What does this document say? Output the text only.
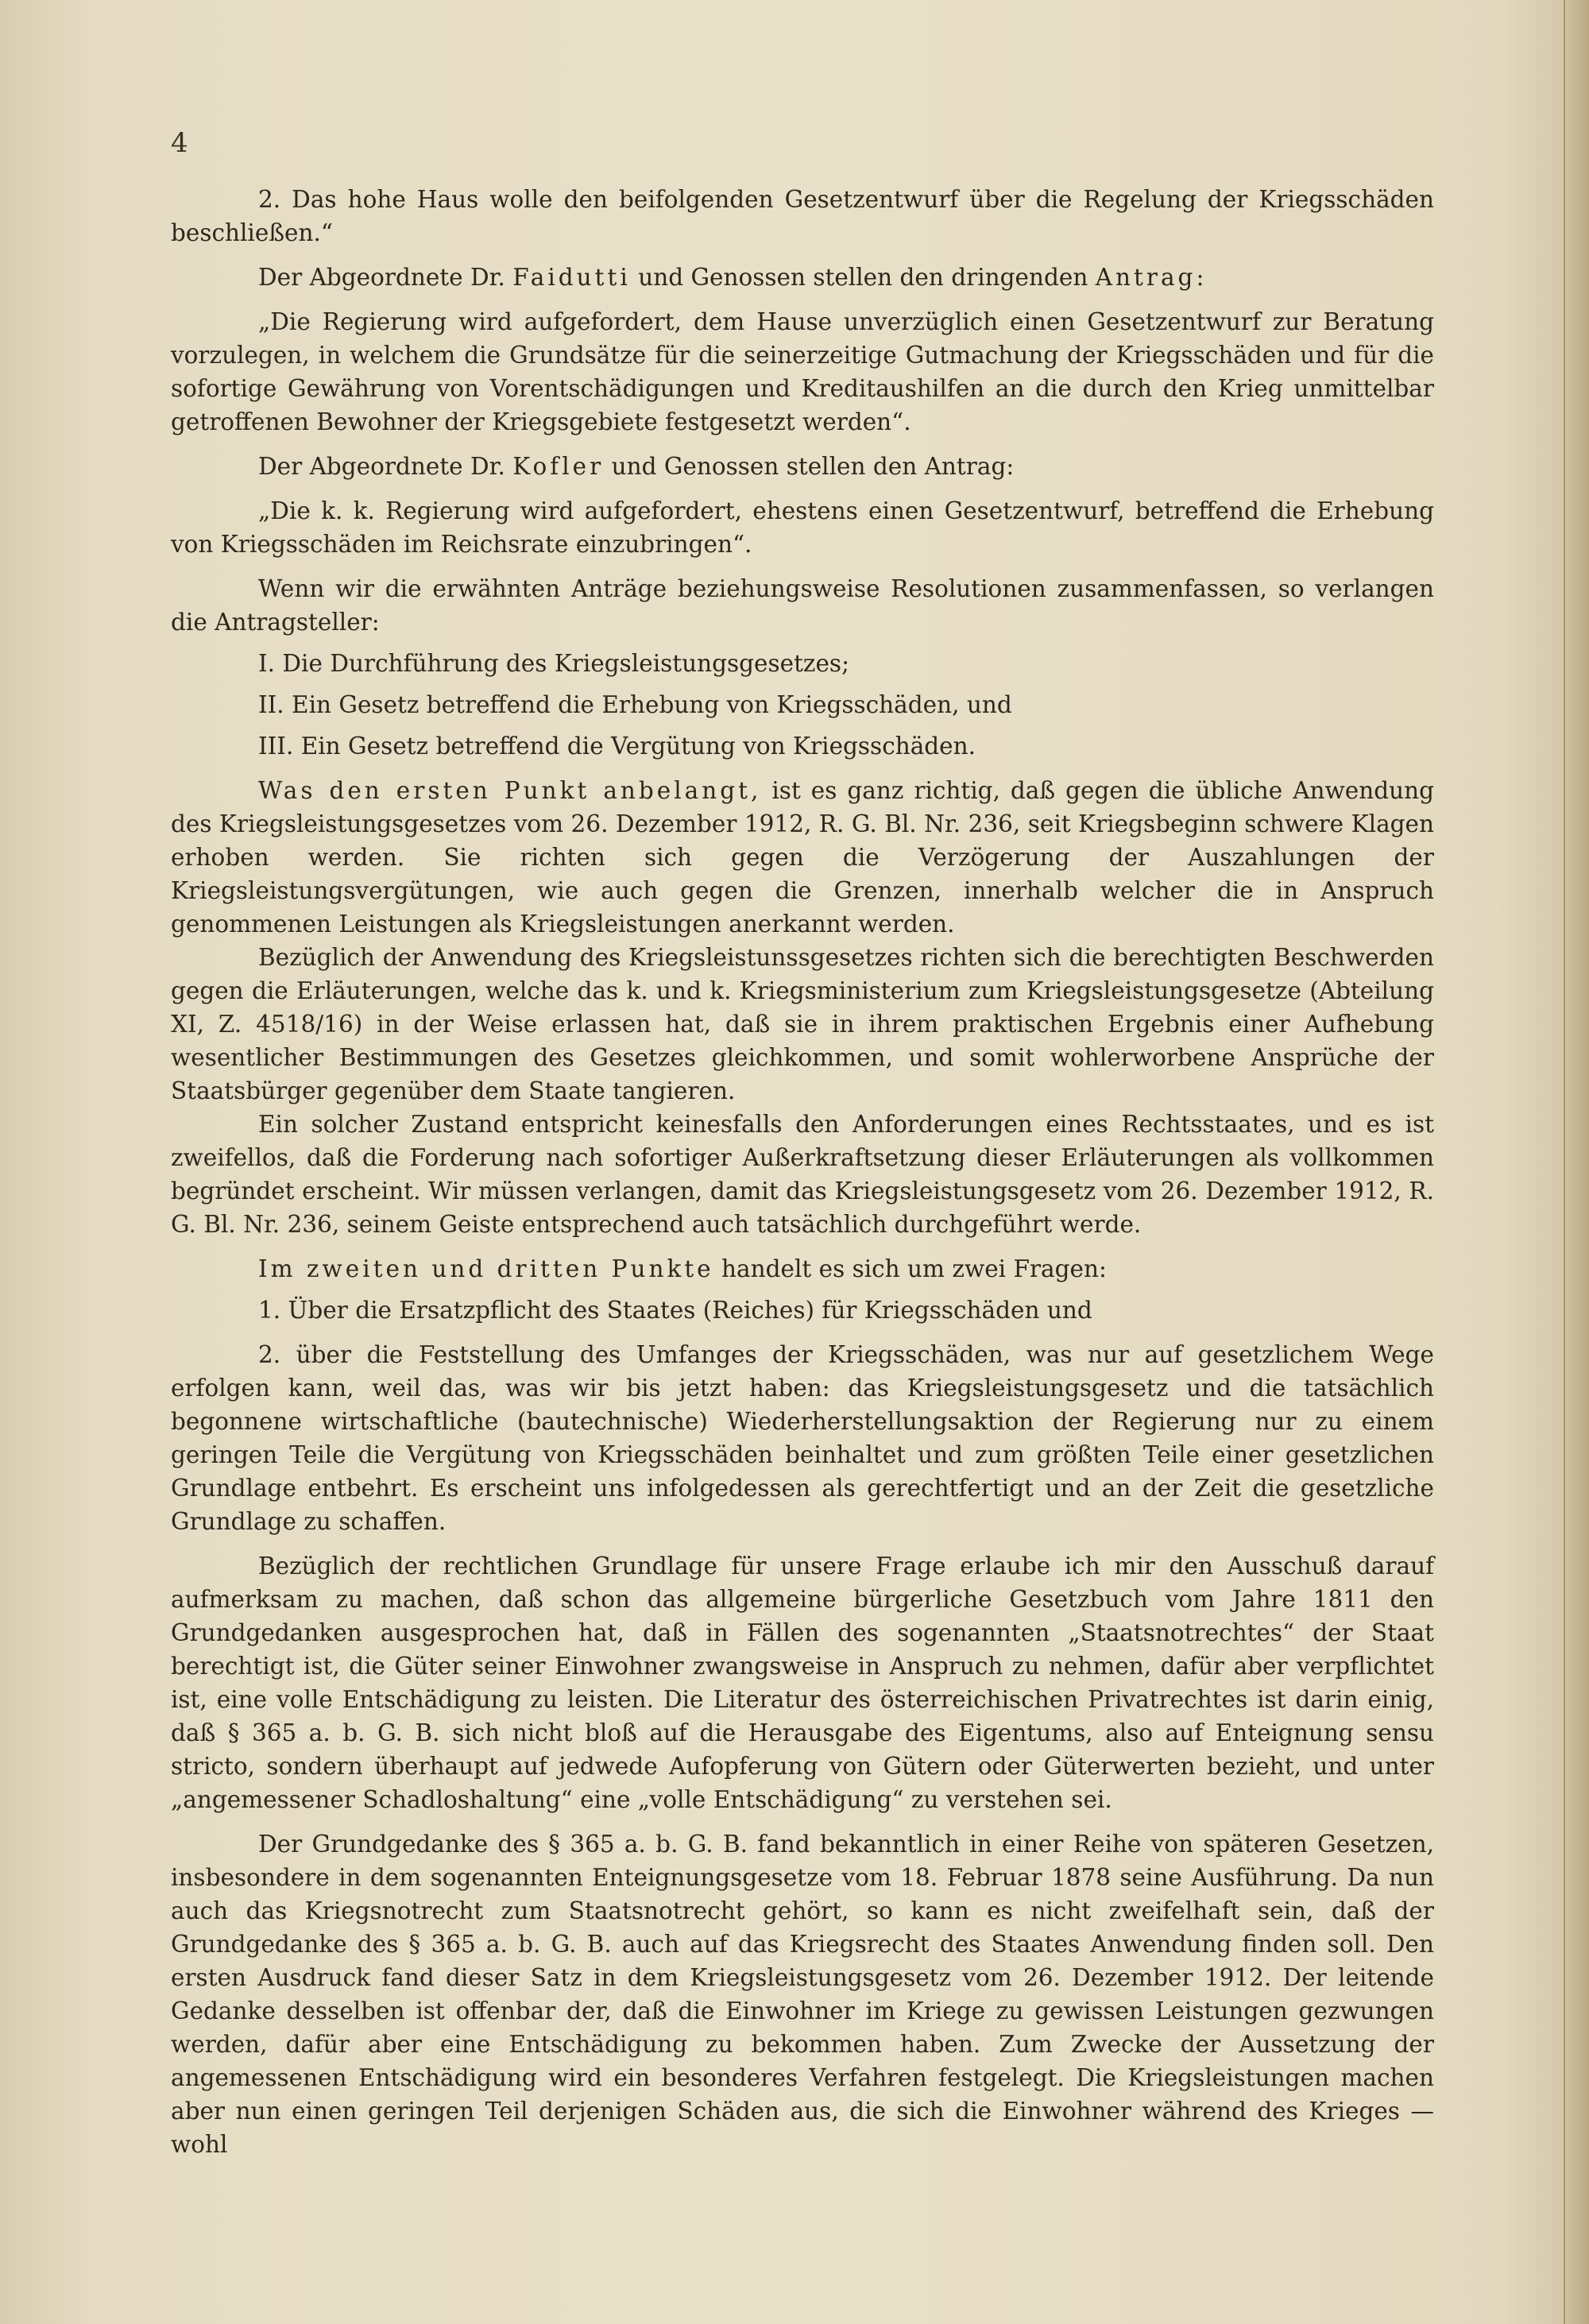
4

2. Das hohe Haus wolle den beifolgenden Gesetzentwurf über die Regelung der Kriegsschäden beschließen.“

Der Abgeordnete Dr. Faidutti und Genossen stellen den dringenden Antrag:

„Die Regierung wird aufgefordert, dem Hause unverzüglich einen Gesetzentwurf zur Beratung vorzulegen, in welchem die Grundsätze für die seinerzeitige Gutmachung der Kriegsschäden und für die sofortige Gewährung von Vorentschädigungen und Kreditaushilfen an die durch den Krieg unmittelbar getroffenen Bewohner der Kriegsgebiete festgesetzt werden“.

Der Abgeordnete Dr. Kofler und Genossen stellen den Antrag:

„Die k. k. Regierung wird aufgefordert, ehestens einen Gesetzentwurf, betreffend die Erhebung von Kriegsschäden im Reichsrate einzubringen“.

Wenn wir die erwähnten Anträge beziehungsweise Resolutionen zusammenfassen, so verlangen die Antragsteller:

I. Die Durchführung des Kriegsleistungsgesetzes;

II. Ein Gesetz betreffend die Erhebung von Kriegsschäden, und

III. Ein Gesetz betreffend die Vergütung von Kriegsschäden.

Was den ersten Punkt anbelangt, ist es ganz richtig, daß gegen die übliche Anwendung des Kriegsleistungsgesetzes vom 26. Dezember 1912, R. G. Bl. Nr. 236, seit Kriegsbeginn schwere Klagen erhoben werden. Sie richten sich gegen die Verzögerung der Auszahlungen der Kriegsleistungsvergütungen, wie auch gegen die Grenzen, innerhalb welcher die in Anspruch genommenen Leistungen als Kriegsleistungen anerkannt werden.

Bezüglich der Anwendung des Kriegsleistunssgesetzes richten sich die berechtigten Beschwerden gegen die Erläuterungen, welche das k. und k. Kriegsministerium zum Kriegsleistungsgesetze (Abteilung XI, Z. 4518/16) in der Weise erlassen hat, daß sie in ihrem praktischen Ergebnis einer Aufhebung wesentlicher Bestimmungen des Gesetzes gleichkommen, und somit wohlerworbene Ansprüche der Staatsbürger gegenüber dem Staate tangieren.

Ein solcher Zustand entspricht keinesfalls den Anforderungen eines Rechtsstaates, und es ist zweifellos, daß die Forderung nach sofortiger Außerkraftsetzung dieser Erläuterungen als vollkommen begründet erscheint. Wir müssen verlangen, damit das Kriegsleistungsgesetz vom 26. Dezember 1912, R. G. Bl. Nr. 236, seinem Geiste entsprechend auch tatsächlich durchgeführt werde.

Im zweiten und dritten Punkte handelt es sich um zwei Fragen:

1. Über die Ersatzpflicht des Staates (Reiches) für Kriegsschäden und

2. über die Feststellung des Umfanges der Kriegsschäden, was nur auf gesetzlichem Wege erfolgen kann, weil das, was wir bis jetzt haben: das Kriegsleistungsgesetz und die tatsächlich begonnene wirtschaftliche (bautechnische) Wiederherstellungsaktion der Regierung nur zu einem geringen Teile die Vergütung von Kriegsschäden beinhaltet und zum größten Teile einer gesetzlichen Grundlage entbehrt. Es erscheint uns infolgedessen als gerechtfertigt und an der Zeit die gesetzliche Grundlage zu schaffen.

Bezüglich der rechtlichen Grundlage für unsere Frage erlaube ich mir den Ausschuß darauf aufmerksam zu machen, daß schon das allgemeine bürgerliche Gesetzbuch vom Jahre 1811 den Grundgedanken ausgesprochen hat, daß in Fällen des sogenannten „Staatsnotrechtes“ der Staat berechtigt ist, die Güter seiner Einwohner zwangsweise in Anspruch zu nehmen, dafür aber verpflichtet ist, eine volle Entschädigung zu leisten. Die Literatur des österreichischen Privatrechtes ist darin einig, daß § 365 a. b. G. B. sich nicht bloß auf die Herausgabe des Eigentums, also auf Enteignung sensu stricto, sondern überhaupt auf jedwede Aufopferung von Gütern oder Güterwerten bezieht, und unter „angemessener Schadloshaltung“ eine „volle Entschädigung“ zu verstehen sei.

Der Grundgedanke des § 365 a. b. G. B. fand bekanntlich in einer Reihe von späteren Gesetzen, insbesondere in dem sogenannten Enteignungsgesetze vom 18. Februar 1878 seine Ausführung. Da nun auch das Kriegsnotrecht zum Staatsnotrecht gehört, so kann es nicht zweifelhaft sein, daß der Grundgedanke des § 365 a. b. G. B. auch auf das Kriegsrecht des Staates Anwendung finden soll. Den ersten Ausdruck fand dieser Satz in dem Kriegsleistungsgesetz vom 26. Dezember 1912. Der leitende Gedanke desselben ist offenbar der, daß die Einwohner im Kriege zu gewissen Leistungen gezwungen werden, dafür aber eine Entschädigung zu bekommen haben. Zum Zwecke der Aussetzung der angemessenen Entschädigung wird ein besonderes Verfahren festgelegt. Die Kriegsleistungen machen aber nun einen geringen Teil derjenigen Schäden aus, die sich die Einwohner während des Krieges — wohl
